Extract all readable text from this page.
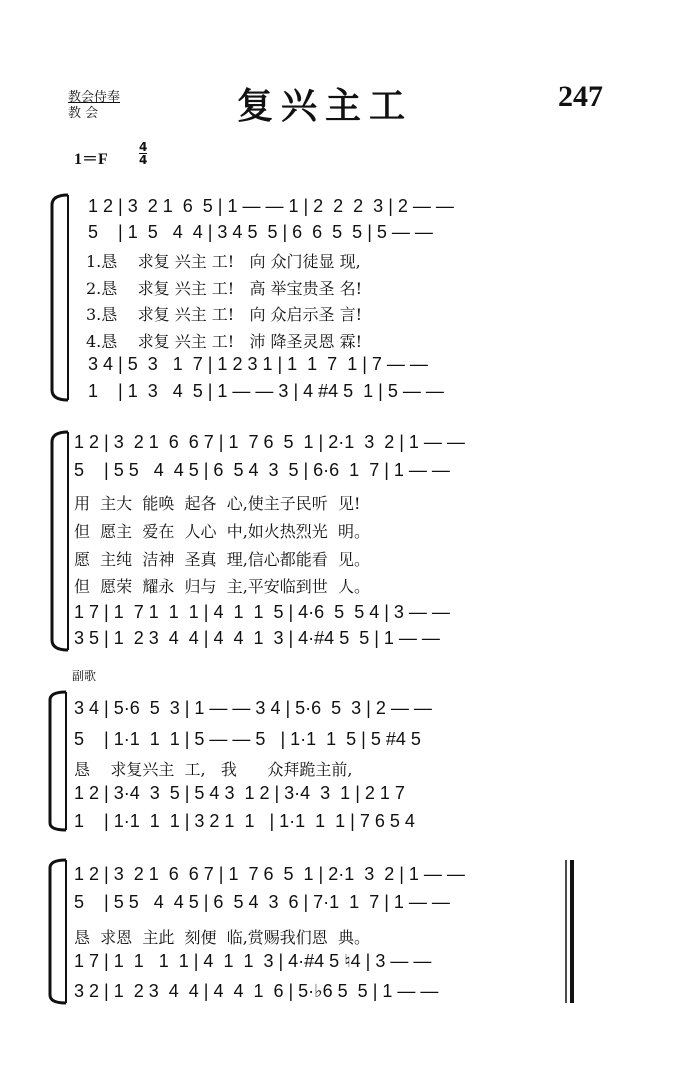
教会侍奉
教 会	复兴主工	247
1＝F
4
4
1 2 | 3  2 1  6  5 | 1 — — 1 | 2  2  2  3 | 2 — —
5    | 1  5   4  4 | 3 4 5  5 | 6  6  5  5 | 5 — —
1.恳    求复 兴主 工!   向 众门徒显 现,
2.恳    求复 兴主 工!   高 举宝贵圣 名!
3.恳    求复 兴主 工!   向 众启示圣 言!
4.恳    求复 兴主 工!   沛 降圣灵恩 霖!
3 4 | 5  3   1  7 | 1 2 3 1 | 1  1  7  1 | 7 — —
1    | 1  3   4  5 | 1 — — 3 | 4 #4 5  1 | 5 — —
1 2 | 3  2 1  6  6 7 | 1  7 6  5  1 | 2·1  3  2 | 1 — —
5    | 5 5   4  4 5 | 6  5 4  3  5 | 6·6  1  7 | 1 — —
用  主大  能唤  起各  心,使主子民听  见!
但  愿主  爱在  人心  中,如火热烈光  明。
愿  主纯  洁神  圣真  理,信心都能看  见。
但  愿荣  耀永  归与  主,平安临到世  人。
1 7 | 1  7 1  1  1 | 4  1  1  5 | 4·6  5  5 4 | 3 — —
3 5 | 1  2 3  4  4 | 4  4  1  3 | 4·#4 5  5 | 1 — —
副歌
3 4 | 5·6  5  3 | 1 — — 3 4 | 5·6  5  3 | 2 — —
5    | 1·1  1  1 | 5 — — 5   | 1·1  1  5 | 5 #4 5
恳    求复兴主  工,   我      众拜跪主前,
1 2 | 3·4  3  5 | 5 4 3  1 2 | 3·4  3  1 | 2 1 7
1    | 1·1  1  1 | 3 2 1  1   | 1·1  1  1 | 7 6 5 4
1 2 | 3  2 1  6  6 7 | 1  7 6  5  1 | 2·1  3  2 | 1 — —
5    | 5 5   4  4 5 | 6  5 4  3  6 | 7·1  1  7 | 1 — —
恳  求恩  主此  刻便  临,赏赐我们恩  典。
1 7 | 1  1   1  1 | 4  1  1  3 | 4·#4 5 ♮4 | 3 — —
3 2 | 1  2 3  4  4 | 4  4  1  6 | 5·♭6 5  5 | 1 — —
